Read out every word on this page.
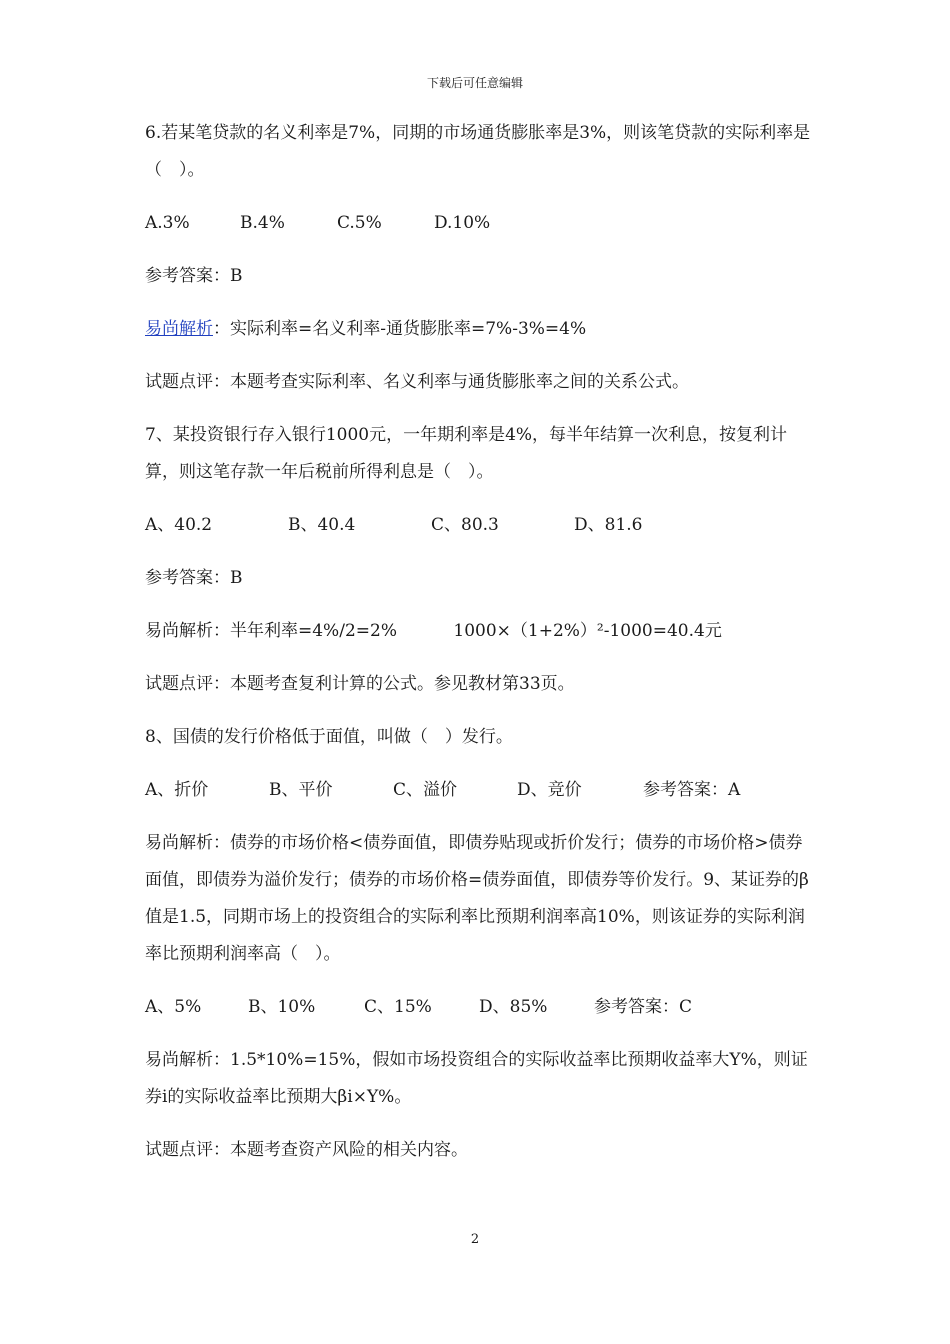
下载后可任意编辑

6.若某笔贷款的名义利率是7%，同期的市场通货膨胀率是3%，则该笔贷款的实际利率是（　）。

A.3%	B.4%	C.5%	D.10%

参考答案：B

易尚解析：实际利率=名义利率-通货膨胀率=7%-3%=4%

试题点评：本题考查实际利率、名义利率与通货膨胀率之间的关系公式。

7、某投资银行存入银行1000元，一年期利率是4%，每半年结算一次利息，按复利计算，则这笔存款一年后税前所得利息是（　）。

A、40.2	B、40.4	C、80.3	D、81.6

参考答案：B

易尚解析：半年利率=4%/2=2%　　　 1000×（1+2%）²-1000=40.4元

试题点评：本题考查复利计算的公式。参见教材第33页。

8、国债的发行价格低于面值，叫做（　）发行。

A、折价	B、平价	C、溢价	D、竞价	参考答案：A

易尚解析：债券的市场价格<债券面值，即债券贴现或折价发行；债券的市场价格>债券面值，即债券为溢价发行；债券的市场价格=债券面值，即债券等价发行。9、某证券的β值是1.5，同期市场上的投资组合的实际利率比预期利润率高10%，则该证券的实际利润率比预期利润率高（　）。

A、5%	B、10%	C、15%	D、85%	参考答案：C

易尚解析：1.5*10%=15%，假如市场投资组合的实际收益率比预期收益率大Y%，则证券i的实际收益率比预期大βi×Y%。

试题点评：本题考查资产风险的相关内容。

2
